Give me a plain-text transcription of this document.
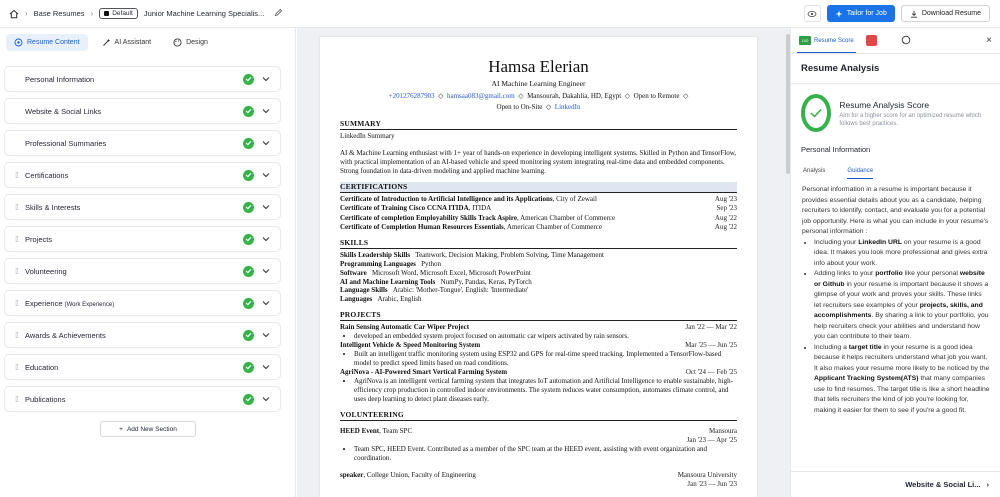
› Base Resumes ›	Default Junior Machine Learning Specialis...	Tailor for Job	Download Resume
Resume Content	AI Assistant	Design
Personal Information
Website & Social Links
Professional Summaries
⁞⁞	Certifications
⁞⁞	Skills & Interests
⁞⁞	Projects
⁞⁞	Volunteering
⁞⁞	Experience (Work Experience)
⁞⁞	Awards & Achievements
⁞⁞	Education
⁞⁞	Publications
+ Add New Section
Hamsa Elerian
AI Machine Learning Engineer
+201276287903  ◇  hamsaa083@gmail.com  ◇  Mansourah, Dakahlia, HD, Egypt  ◇  Open to Remote  ◇
Open to On-Site  ◇  LinkedIn
SUMMARY
LinkedIn Summary
AI & Machine Learning enthusiast with 1+ year of hands-on experience in developing intelligent systems. Skilled in Python and TensorFlow, with practical implementation of an AI-based vehicle and speed monitoring system integrating real-time data and embedded components. Strong foundation in data-driven modeling and applied machine learning.
CERTIFICATIONS
Certificate of Introduction to Artificial Intelligence and its Applications, City of Zewail	Aug '23
Certificate of Training Cisco CCNA ITIDA, ITIDA	Sep '23
Certificate of completion Employability Skills Track Aspire, American Chamber of Commerce	Aug '22
Certificate of Completion Human Resources Essentials, American Chamber of Commerce	Aug '22
SKILLS
Skills Leadership Skills Teamwork, Decision Making, Problem Solving, Time Management
Programming Languages Python
Software Microsoft Word, Microsoft Excel, Microsoft PowerPoint
AI and Machine Learning Tools NumPy, Pandas, Keras, PyTorch
Language Skills Arabic: 'Mother-Tongue', English: 'Intermediate'
Languages Arabic, English
PROJECTS
Rain Sensing Automatic Car Wiper Project	Jan '22 — Mar '22
• developed an embedded system project focused on automatic car wipers activated by rain sensors.
Intelligent Vehicle & Speed Monitoring System	Mar '25 — Jun '25
• Built an intelligent traffic monitoring system using ESP32 and GPS for real-time speed tracking. Implemented a TensorFlow-based model to predict speed limits based on road conditions.
AgriNova - AI-Powered Smart Vertical Farming System	Oct '24 — Feb '25
• AgriNova is an intelligent vertical farming system that integrates IoT automation and Artificial Intelligence to enable sustainable, high-efficiency crop production in controlled indoor environments. The system reduces water consumption, automates climate control, and uses deep learning to detect plant diseases early.
VOLUNTEERING
HEED Event, Team SPC	Mansoura
Jan '23 — Apr '25
• Team SPC, HEED Event. Contributed as a member of the SPC team at the HEED event, assisting with event organization and coordination.
speaker, College Union, Faculty of Engineering	Mansoura University
Jan '23 — Jun '23
100 Resume Score	×
Resume Analysis
Resume Analysis Score
Aim for a higher score for an optimized resume which follows best practices.
Personal Information
Analysis	Guidance
Personal information in a resume is important because it provides essential details about you as a candidate, helping recruiters to identify, contact, and evaluate you for a potential job opportunity. Here is what you can include in your resume's personal information :
• Including your LinkedIn URL on your resume is a good idea. It makes you look more professional and gives extra info about your work.
• Adding links to your portfolio like your personal website or Github in your resume is important because it shows a glimpse of your work and proves your skills. These links let recruiters see examples of your projects, skills, and accomplishments. By sharing a link to your portfolio, you help recruiters check your abilities and understand how you can contribute to their team.
• Including a target title in your resume is a good idea because it helps recruiters understand what job you want. It also makes your resume more likely to be noticed by the Applicant Tracking System(ATS) that many companies use to find resumes. The target title is like a short headline that tells recruiters the kind of job you're looking for, making it easier for them to see if you're a good fit.
Website & Social Li... ›
